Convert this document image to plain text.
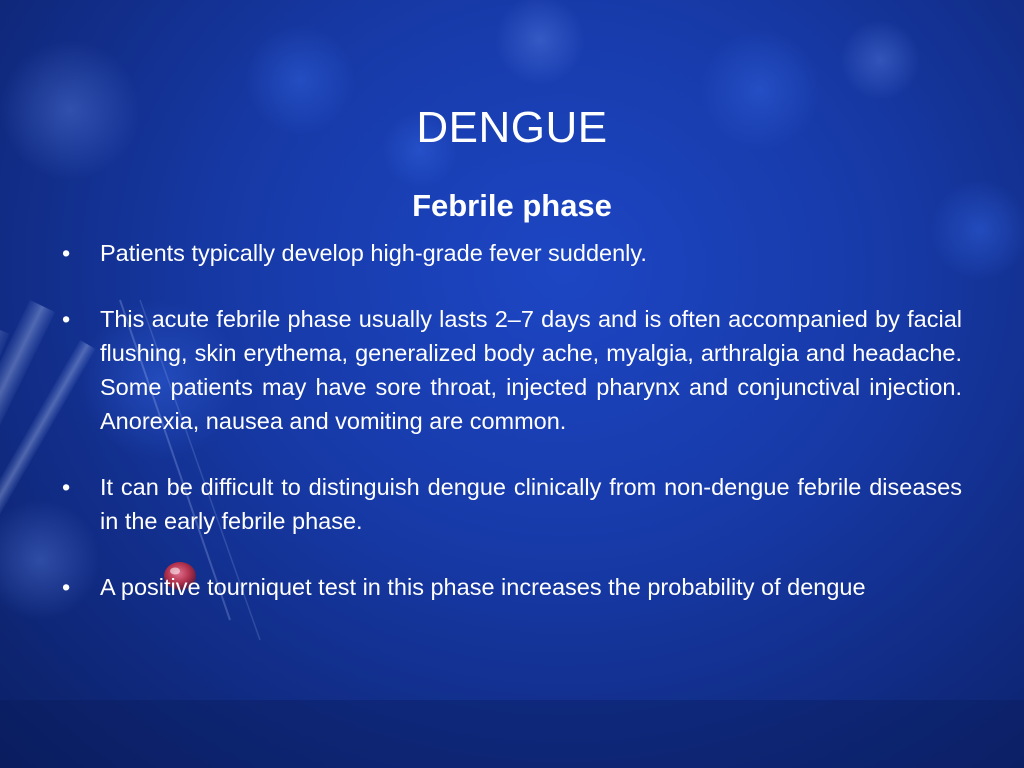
DENGUE
Febrile phase
•	Patients typically develop high-grade fever suddenly.
•	This acute febrile phase usually lasts 2–7 days and is often accompanied by facial flushing, skin erythema, generalized body ache, myalgia, arthralgia and headache. Some patients may have sore throat, injected pharynx and conjunctival injection. Anorexia, nausea and vomiting are common.
•	It can be difficult to distinguish dengue clinically from non-dengue febrile diseases in the early febrile phase.
•	A positive tourniquet test in this phase increases the probability of dengue
